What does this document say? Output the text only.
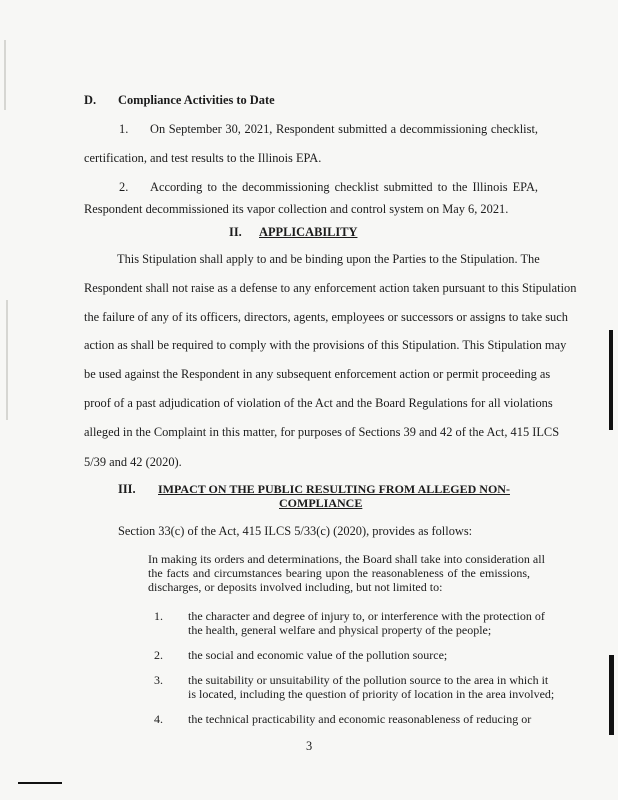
D. Compliance Activities to Date
1. On September 30, 2021, Respondent submitted a decommissioning checklist,
certification, and test results to the Illinois EPA.
2. According to the decommissioning checklist submitted to the Illinois EPA,
Respondent decommissioned its vapor collection and control system on May 6, 2021.
II. APPLICABILITY
This Stipulation shall apply to and be binding upon the Parties to the Stipulation. The
Respondent shall not raise as a defense to any enforcement action taken pursuant to this Stipulation
the failure of any of its officers, directors, agents, employees or successors or assigns to take such
action as shall be required to comply with the provisions of this Stipulation. This Stipulation may
be used against the Respondent in any subsequent enforcement action or permit proceeding as
proof of a past adjudication of violation of the Act and the Board Regulations for all violations
alleged in the Complaint in this matter, for purposes of Sections 39 and 42 of the Act, 415 ILCS
5/39 and 42 (2020).
III. IMPACT ON THE PUBLIC RESULTING FROM ALLEGED NON-
COMPLIANCE
Section 33(c) of the Act, 415 ILCS 5/33(c) (2020), provides as follows:
In making its orders and determinations, the Board shall take into consideration all
the facts and circumstances bearing upon the reasonableness of the emissions,
discharges, or deposits involved including, but not limited to:
1. the character and degree of injury to, or interference with the protection of
the health, general welfare and physical property of the people;
2. the social and economic value of the pollution source;
3. the suitability or unsuitability of the pollution source to the area in which it
is located, including the question of priority of location in the area involved;
4. the technical practicability and economic reasonableness of reducing or
3
